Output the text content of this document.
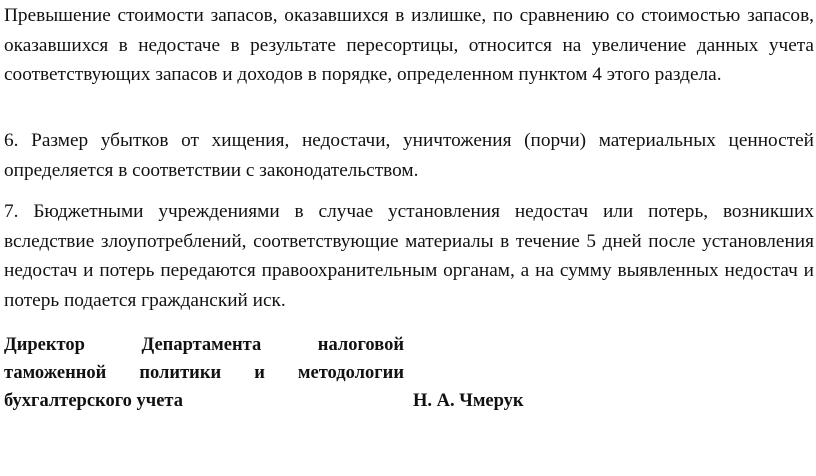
Превышение стоимости запасов, оказавшихся в излишке, по сравнению со стоимостью запасов, оказавшихся в недостаче в результате пересортицы, относится на увеличение данных учета соответствующих запасов и доходов в порядке, определенном пунктом 4 этого раздела.

6. Размер убытков от хищения, недостачи, уничтожения (порчи) материальных ценностей определяется в соответствии с законодательством.

7. Бюджетными учреждениями в случае установления недостач или потерь, возникших вследствие злоупотреблений, соответствующие материалы в течение 5 дней после установления недостач и потерь передаются правоохранительным органам, а на сумму выявленных недостач и потерь подается гражданский иск.

Директор Департамента налоговой таможенной политики и методологии бухгалтерского учета	Н. А. Чмерук
